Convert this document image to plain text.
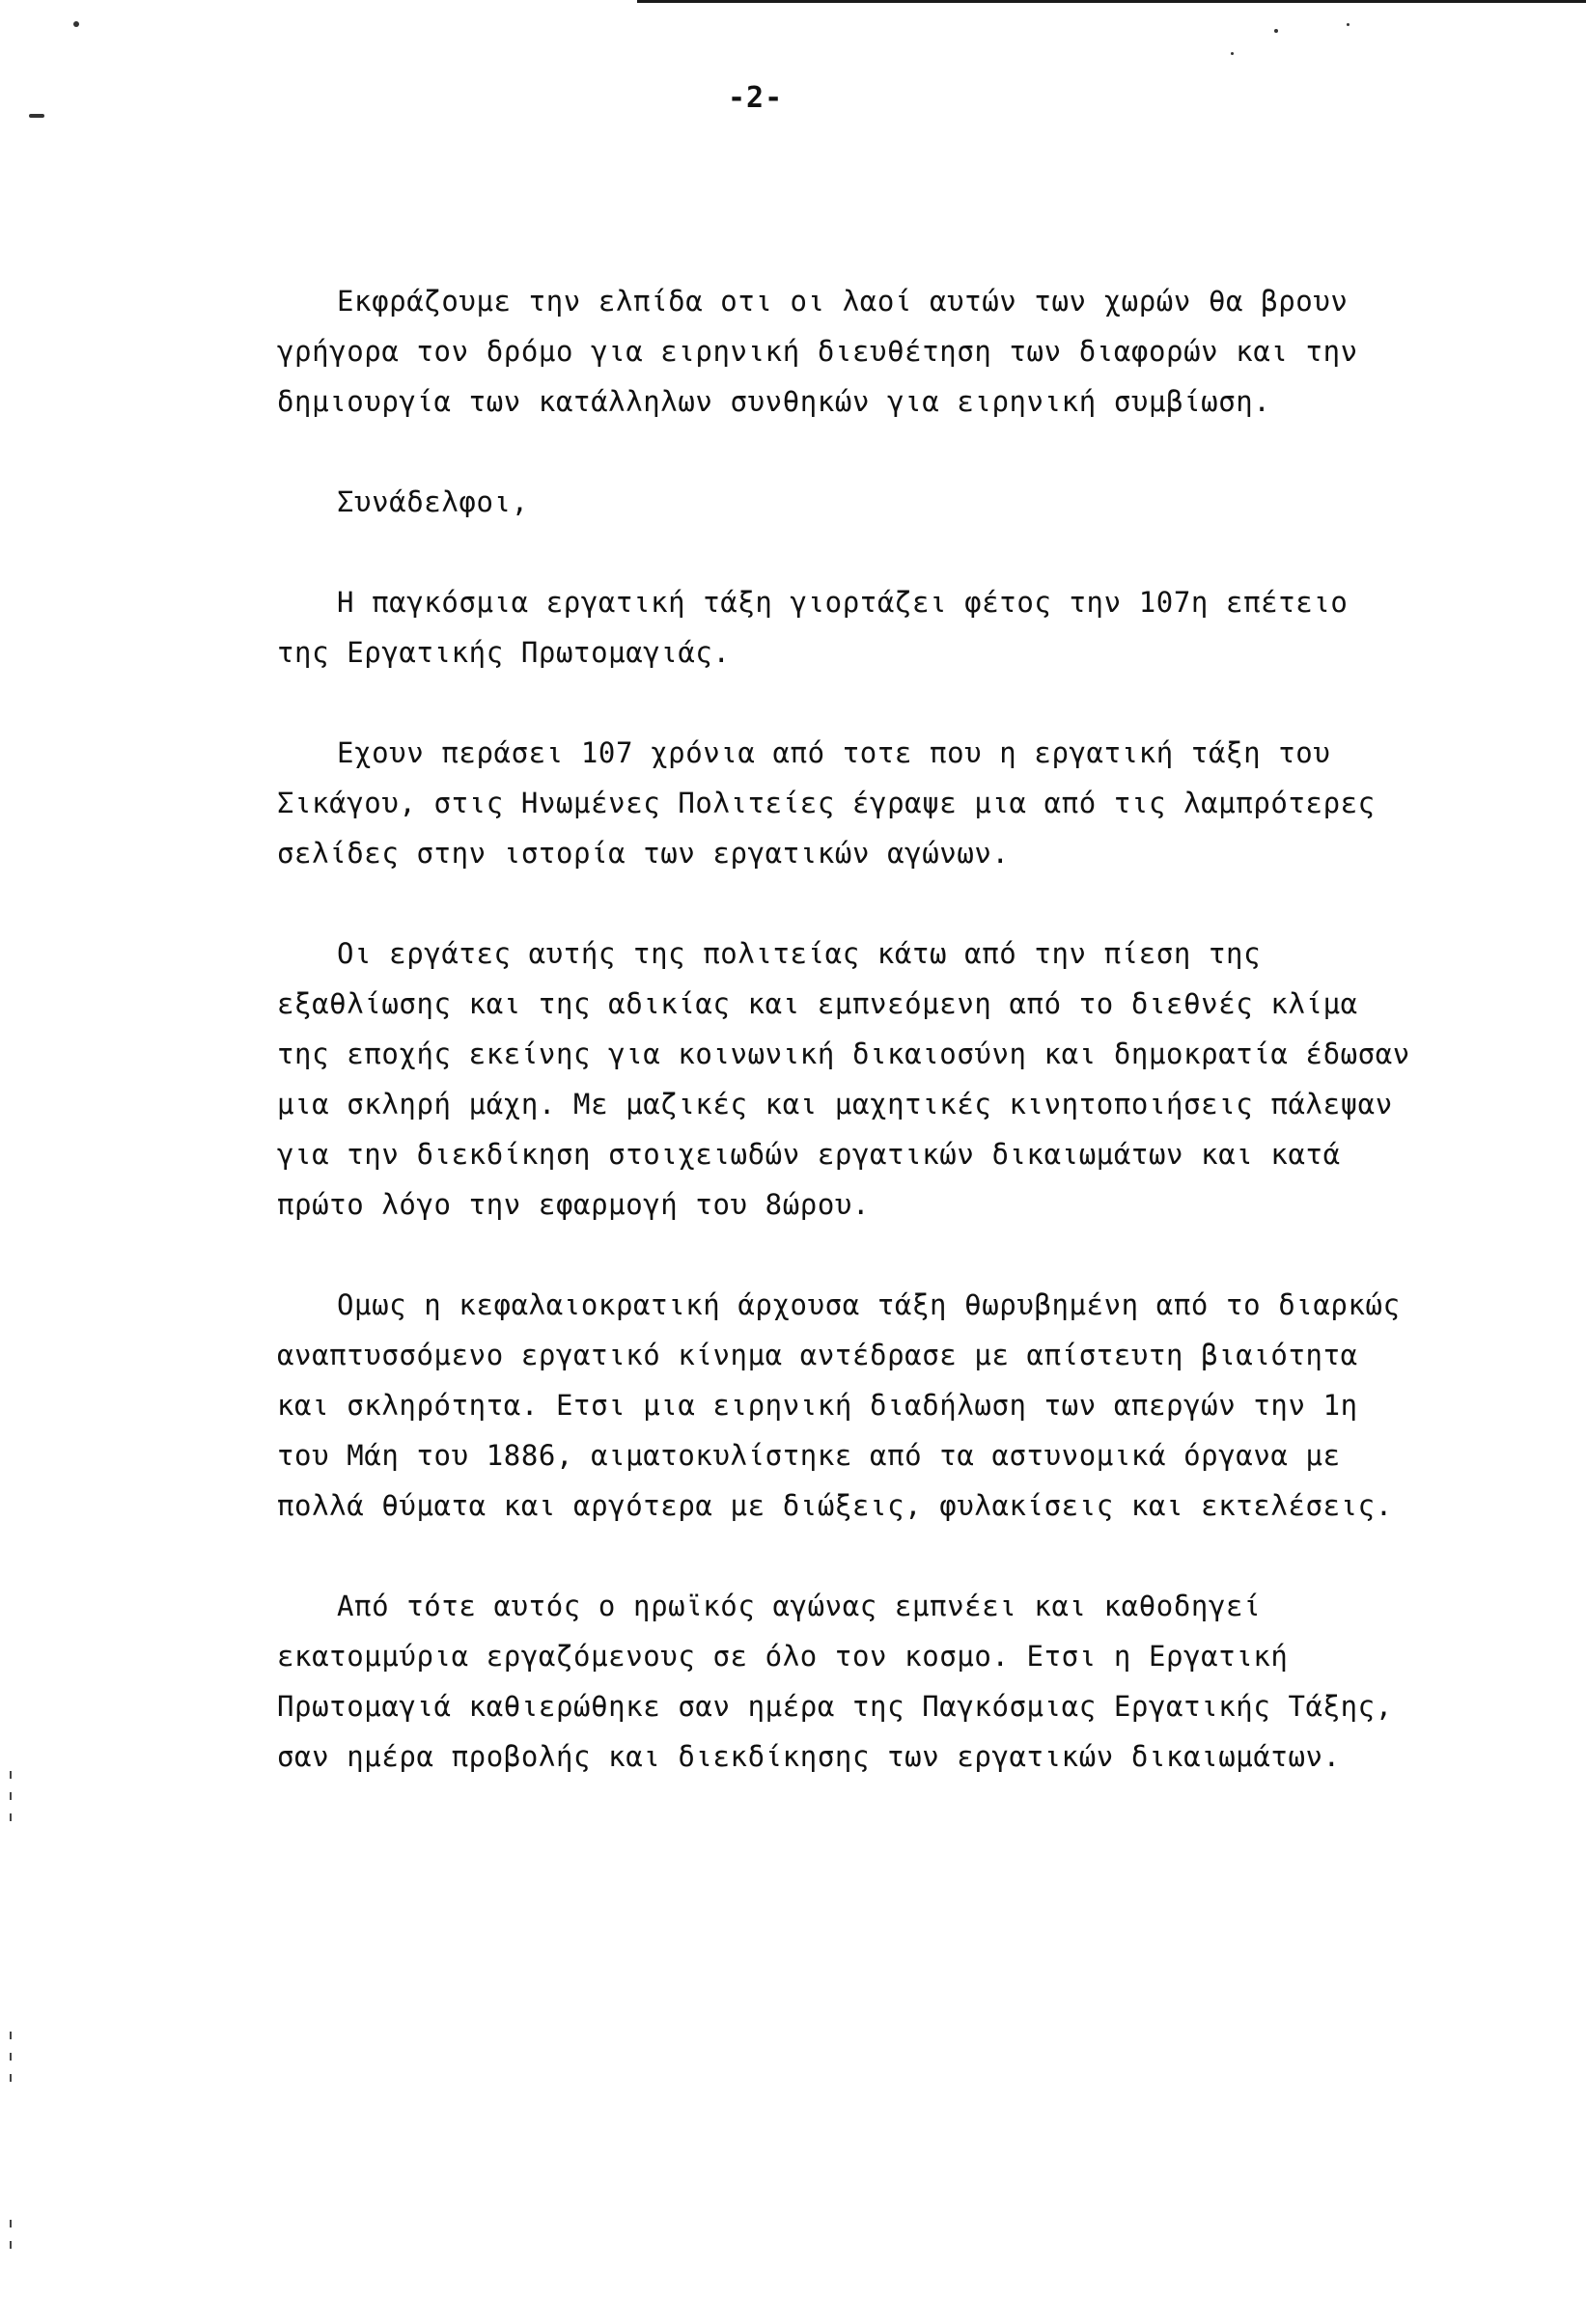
-2-
Εκφράζουμε την ελπίδα οτι οι λαοί αυτών των χωρών θα βρουν
γρήγορα τον δρόμο για ειρηνική διευθέτηση των διαφορών και την
δημιουργία των κατάλληλων συνθηκών για ειρηνική συμβίωση.
Συνάδελφοι,
Η παγκόσμια εργατική τάξη γιορτάζει φέτος την 107η επέτειο
της Εργατικής Πρωτομαγιάς.
Εχουν περάσει 107 χρόνια από τοτε που η εργατική τάξη του
Σικάγου, στις Ηνωμένες Πολιτείες έγραψε μια από τις λαμπρότερες
σελίδες στην ιστορία των εργατικών αγώνων.
Οι εργάτες αυτής της πολιτείας κάτω από την πίεση της
εξαθλίωσης και της αδικίας και εμπνεόμενη από το διεθνές κλίμα
της εποχής εκείνης για κοινωνική δικαιοσύνη και δημοκρατία έδωσαν
μια σκληρή μάχη. Με μαζικές και μαχητικές κινητοποιήσεις πάλεψαν
για την διεκδίκηση στοιχειωδών εργατικών δικαιωμάτων και κατά
πρώτο λόγο την εφαρμογή του 8ώρου.
Ομως η κεφαλαιοκρατική άρχουσα τάξη θωρυβημένη από το διαρκώς
αναπτυσσόμενο εργατικό κίνημα αντέδρασε με απίστευτη βιαιότητα
και σκληρότητα. Ετσι μια ειρηνική διαδήλωση των απεργών την 1η
του Μάη του 1886, αιματοκυλίστηκε από τα αστυνομικά όργανα με
πολλά θύματα και αργότερα με διώξεις, φυλακίσεις και εκτελέσεις.
Από τότε αυτός ο ηρωϊκός αγώνας εμπνέει και καθοδηγεί
εκατομμύρια εργαζόμενους σε όλο τον κοσμο. Ετσι η Εργατική
Πρωτομαγιά καθιερώθηκε σαν ημέρα της Παγκόσμιας Εργατικής Τάξης,
σαν ημέρα προβολής και διεκδίκησης των εργατικών δικαιωμάτων.
